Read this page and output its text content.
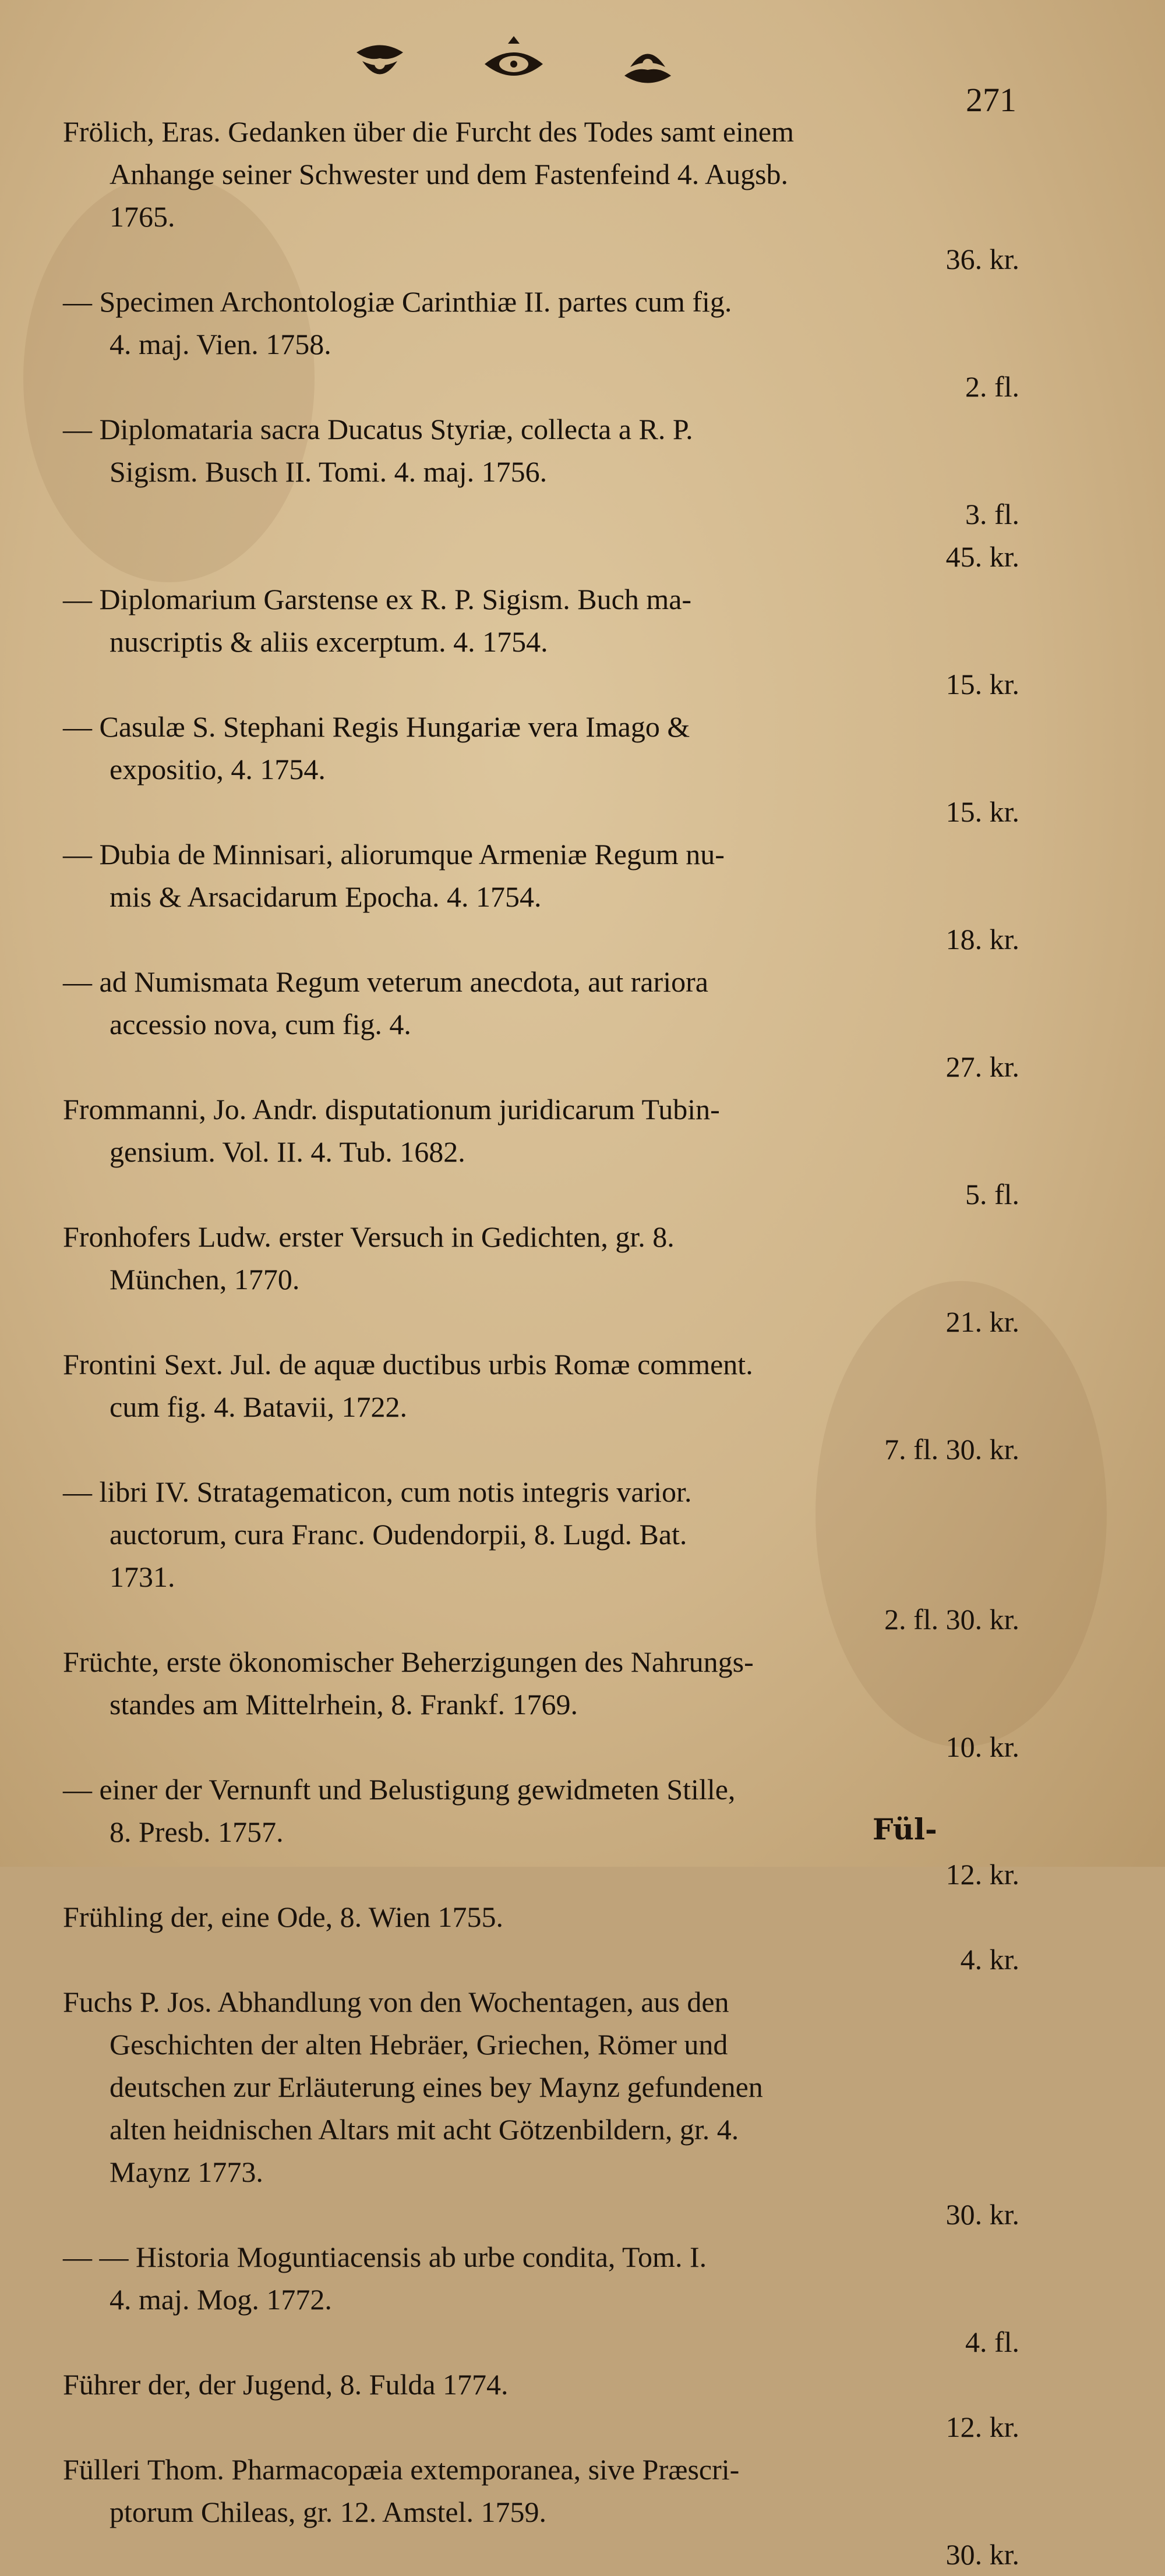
271
Frölich, Eras. Gedanken über die Furcht des Todes samt einem
Anhange seiner Schwester und dem Fastenfeind 4. Augsb.
1765.
36. kr.
— Specimen Archontologiæ Carinthiæ II. partes cum fig.
4. maj. Vien. 1758.
2. fl.
— Diplomataria sacra Ducatus Styriæ, collecta a R. P.
Sigism. Busch II. Tomi. 4. maj. 1756.
3. fl.
45. kr.
— Diplomarium Garstense ex R. P. Sigism. Buch ma-
nuscriptis & aliis excerptum. 4. 1754.
15. kr.
— Casulæ S. Stephani Regis Hungariæ vera Imago &
expositio, 4. 1754.
15. kr.
— Dubia de Minnisari, aliorumque Armeniæ Regum nu-
mis & Arsacidarum Epocha. 4. 1754.
18. kr.
— ad Numismata Regum veterum anecdota, aut rariora
accessio nova, cum fig. 4.
27. kr.
Frommanni, Jo. Andr. disputationum juridicarum Tubin-
gensium. Vol. II. 4. Tub. 1682.
5. fl.
Fronhofers Ludw. erster Versuch in Gedichten, gr. 8.
München, 1770.
21. kr.
Frontini Sext. Jul. de aquæ ductibus urbis Romæ comment.
cum fig. 4. Batavii, 1722.
7. fl. 30. kr.
— libri IV. Stratagematicon, cum notis integris varior.
auctorum, cura Franc. Oudendorpii, 8. Lugd. Bat.
1731.
2. fl. 30. kr.
Früchte, erste ökonomischer Beherzigungen des Nahrungs-
standes am Mittelrhein, 8. Frankf. 1769.
10. kr.
— einer der Vernunft und Belustigung gewidmeten Stille,
8. Presb. 1757.
12. kr.
Frühling der, eine Ode, 8. Wien 1755.
4. kr.
Fuchs P. Jos. Abhandlung von den Wochentagen, aus den
Geschichten der alten Hebräer, Griechen, Römer und
deutschen zur Erläuterung eines bey Maynz gefundenen
alten heidnischen Altars mit acht Götzenbildern, gr. 4.
Maynz 1773.
30. kr.
— — Historia Moguntiacensis ab urbe condita, Tom. I.
4. maj. Mog. 1772.
4. fl.
Führer der, der Jugend, 8. Fulda 1774.
12. kr.
Fülleri Thom. Pharmacopæia extemporanea, sive Præscri-
ptorum Chileas, gr. 12. Amstel. 1759.
30. kr.
Fül-
